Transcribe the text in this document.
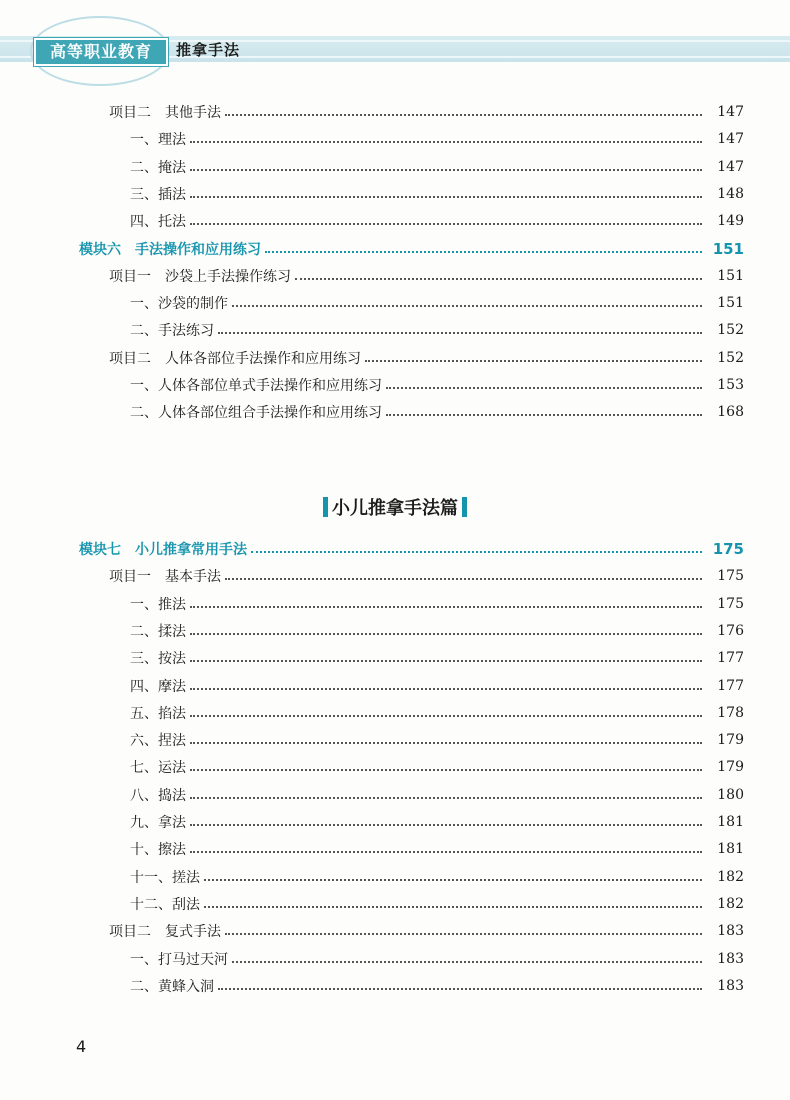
高等职业教育	推拿手法
项目二　其他手法	147
一、理法	147
二、掩法	147
三、插法	148
四、托法	149
模块六　手法操作和应用练习	151
项目一　沙袋上手法操作练习	151
一、沙袋的制作	151
二、手法练习	152
项目二　人体各部位手法操作和应用练习	152
一、人体各部位单式手法操作和应用练习	153
二、人体各部位组合手法操作和应用练习	168
小儿推拿手法篇
模块七　小儿推拿常用手法	175
项目一　基本手法	175
一、推法	175
二、揉法	176
三、按法	177
四、摩法	177
五、掐法	178
六、捏法	179
七、运法	179
八、捣法	180
九、拿法	181
十、擦法	181
十一、搓法	182
十二、刮法	182
项目二　复式手法	183
一、打马过天河	183
二、黄蜂入洞	183
4
